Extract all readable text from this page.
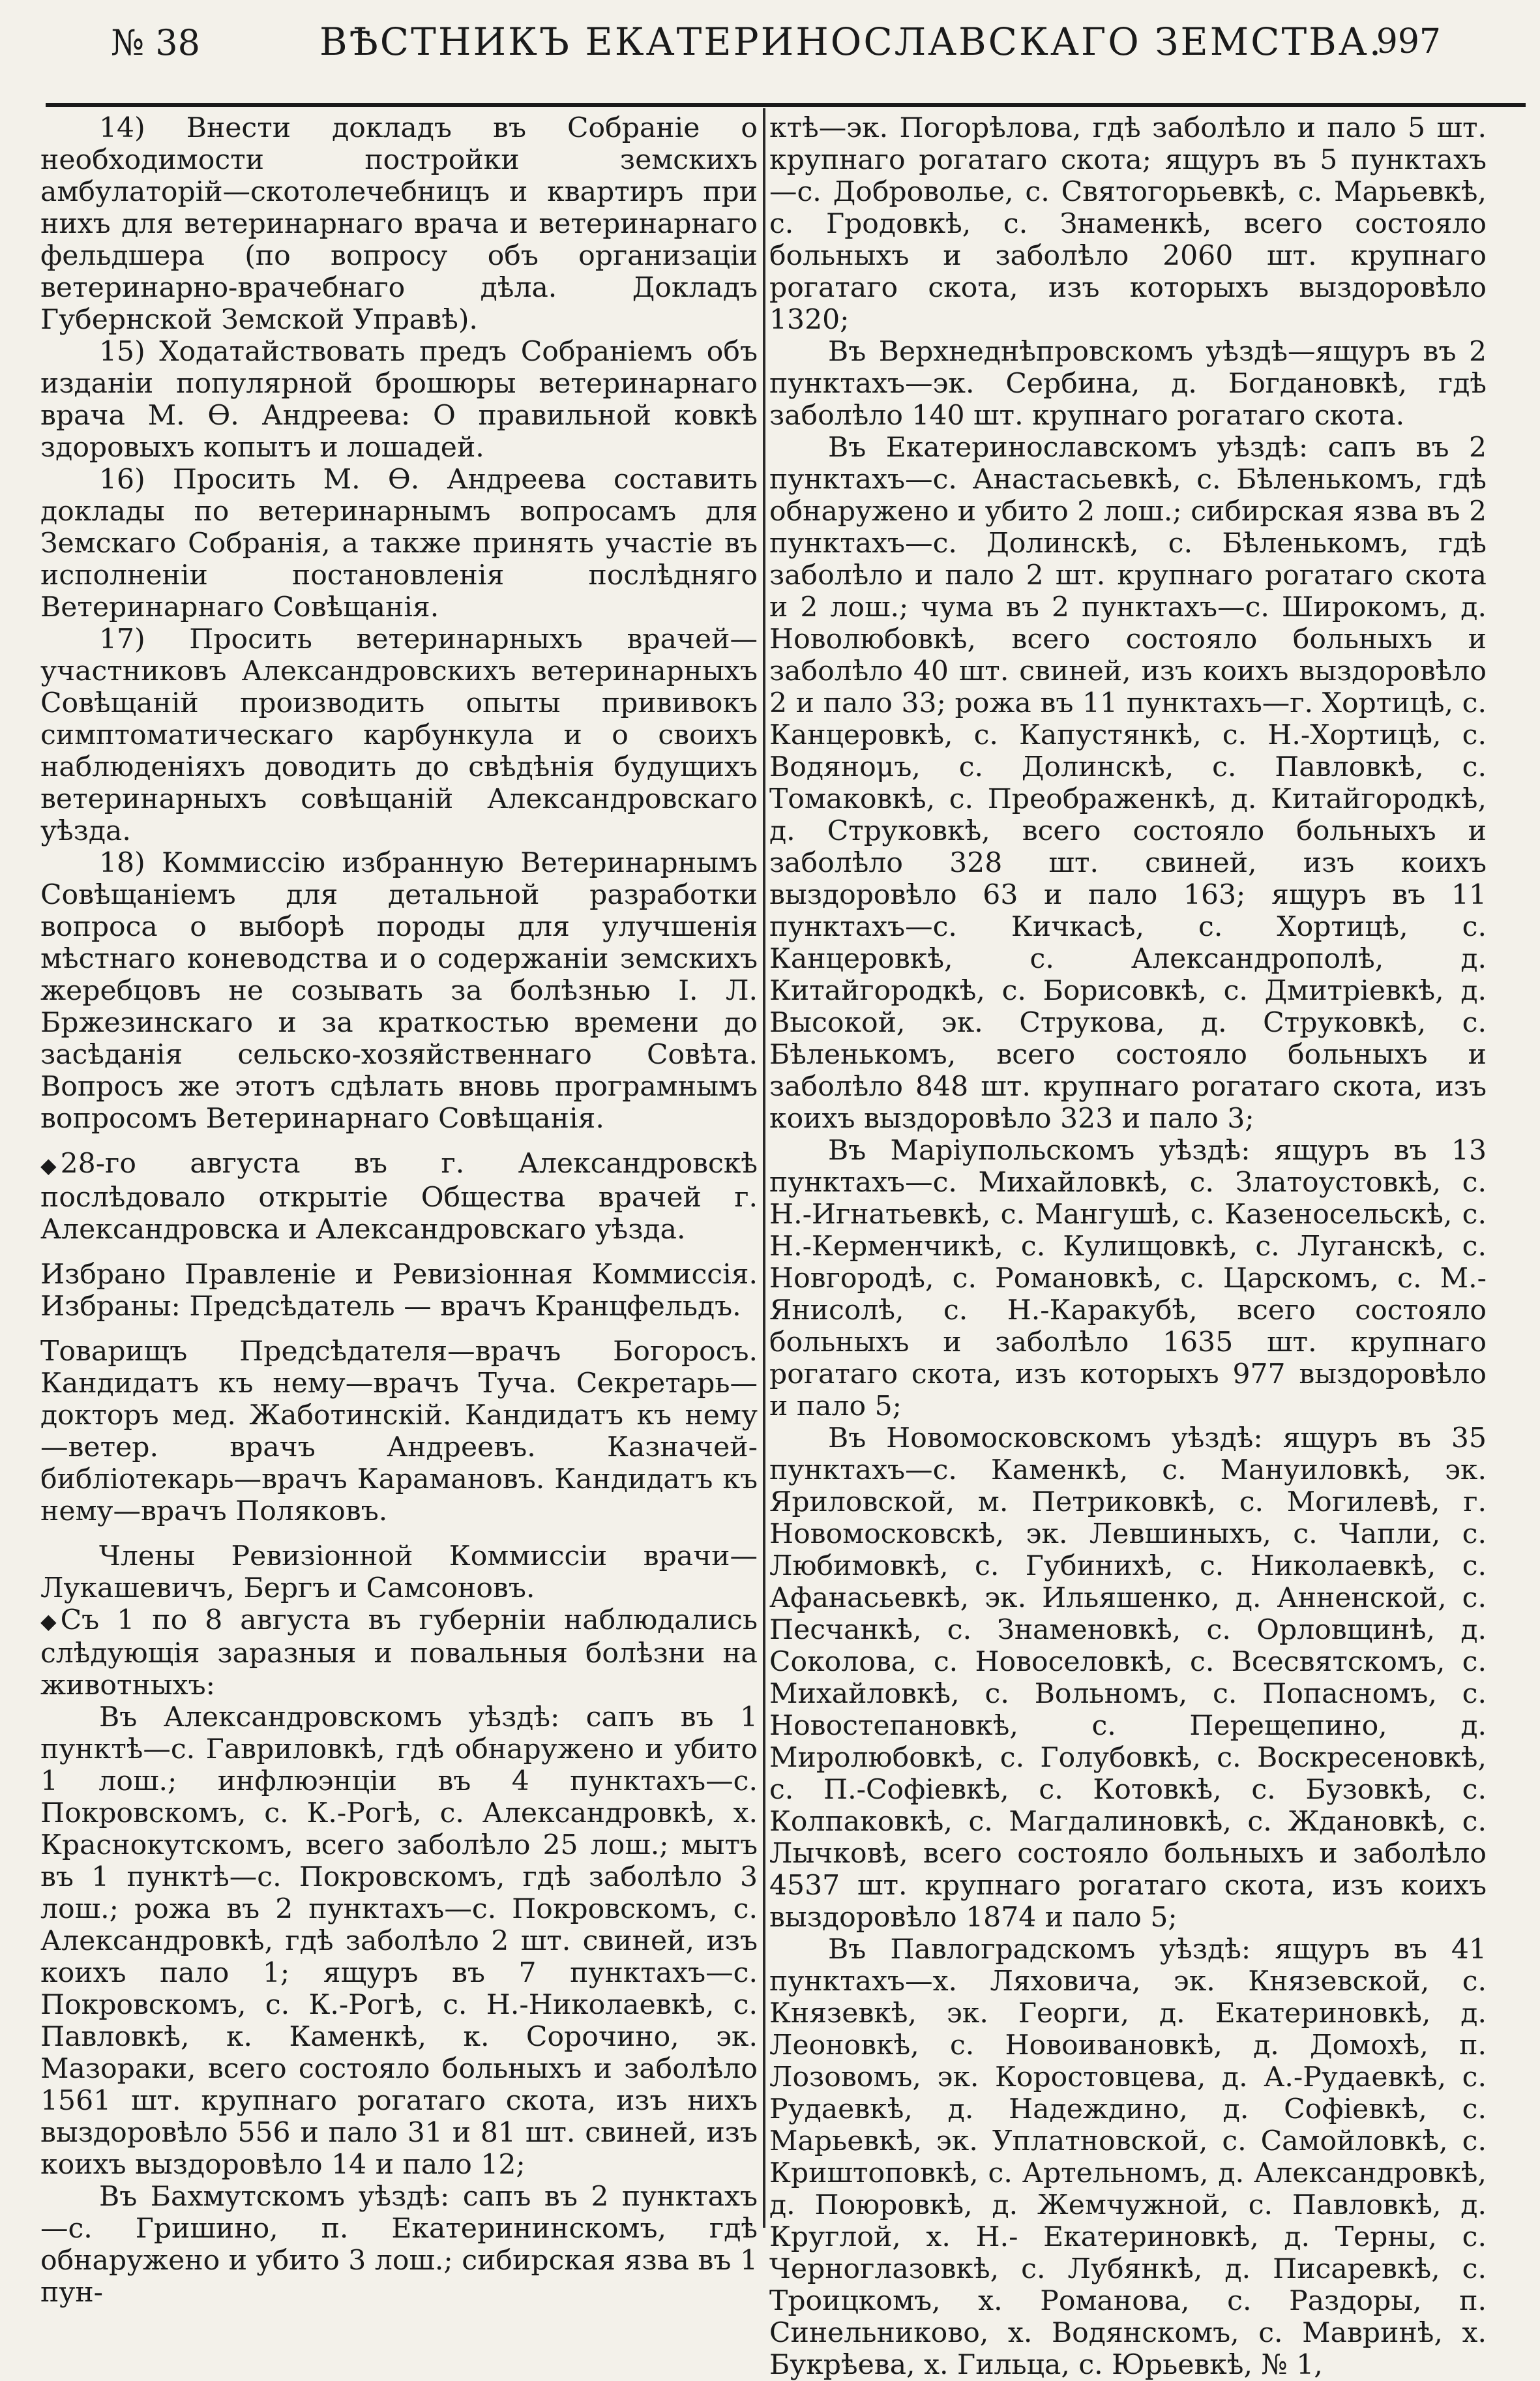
№ 38	ВѢСТНИКЪ ЕКАТЕРИНОСЛАВСКАГО ЗЕМСТВА.
997

14) Внести докладъ въ Собраніе о необходимости постройки земскихъ амбулаторій—скотолечебницъ и квартиръ при нихъ для ветеринарнаго врача и ветеринарнаго фельдшера (по вопросу объ организаціи ветеринарно-врачебнаго дѣла. Докладъ Губернской Земской Управѣ).

15) Ходатайствовать предъ Собраніемъ объ изданіи популярной брошюры ветеринарнаго врача М. Ѳ. Андреева: О правильной ковкѣ здоровыхъ копытъ и лошадей.

16) Просить М. Ѳ. Андреева составить доклады по ветеринарнымъ вопросамъ для Земскаго Собранія, а также принять участіе въ исполненіи постановленія послѣдняго Ветеринарнаго Совѣщанія.

17) Просить ветеринарныхъ врачей—участниковъ Александровскихъ ветеринарныхъ Совѣщаній производить опыты прививокъ симптоматическаго карбункула и о своихъ наблюденіяхъ доводить до свѣдѣнія будущихъ ветеринарныхъ совѣщаній Александровскаго уѣзда.

18) Коммиссію избранную Ветеринарнымъ Совѣщаніемъ для детальной разработки вопроса о выборѣ породы для улучшенія мѣстнаго коневодства и о содержаніи земскихъ жеребцовъ не созывать за болѣзнью І. Л. Бржезинскаго и за краткостью времени до засѣданія сельско-хозяйственнаго Совѣта. Вопросъ же этотъ сдѣлать вновь програмнымъ вопросомъ Ветеринарнаго Совѣщанія.

◆ 28-го августа въ г. Александровскѣ послѣдовало открытіе Общества врачей г. Александровска и Александровскаго уѣзда.

Избрано Правленіе и Ревизіонная Коммиссія. Избраны: Предсѣдатель — врачъ Кранцфельдъ.

Товарищъ Предсѣдателя—врачъ Богоросъ. Кандидатъ къ нему—врачъ Туча. Секретарь—докторъ мед. Жаботинскій. Кандидатъ къ нему—ветер. врачъ Андреевъ. Казначей-библіотекарь—врачъ Карамановъ. Кандидатъ къ нему—врачъ Поляковъ.

Члены Ревизіонной Коммиссіи врачи—Лукашевичъ, Бергъ и Самсоновъ.

◆ Съ 1 по 8 августа въ губерніи наблюдались слѣдующія заразныя и повальныя болѣзни на животныхъ:

Въ Александровскомъ уѣздѣ: сапъ въ 1 пунктѣ—с. Гавриловкѣ, гдѣ обнаружено и убито 1 лош.; инфлюэнціи въ 4 пунктахъ—с. Покровскомъ, с. К.-Рогѣ, с. Александровкѣ, х. Краснокутскомъ, всего заболѣло 25 лош.; мытъ въ 1 пунктѣ—с. Покровскомъ, гдѣ заболѣло 3 лош.; рожа въ 2 пунктахъ—с. Покровскомъ, с. Александровкѣ, гдѣ заболѣло 2 шт. свиней, изъ коихъ пало 1; ящуръ въ 7 пунктахъ—с. Покровскомъ, с. К.-Рогѣ, с. Н.-Николаевкѣ, с. Павловкѣ, к. Каменкѣ, к. Сорочино, эк. Мазораки, всего состояло больныхъ и заболѣло 1561 шт. крупнаго рогатаго скота, изъ нихъ выздоровѣло 556 и пало 31 и 81 шт. свиней, изъ коихъ выздоровѣло 14 и пало 12;

Въ Бахмутскомъ уѣздѣ: сапъ въ 2 пунктахъ—с. Гришино, п. Екатерининскомъ, гдѣ обнаружено и убито 3 лош.; сибирская язва въ 1 пун-

ктѣ—эк. Погорѣлова, гдѣ заболѣло и пало 5 шт. крупнаго рогатаго скота; ящуръ въ 5 пунктахъ—с. Доброволье, с. Святогорьевкѣ, с. Марьевкѣ, с. Гродовкѣ, с. Знаменкѣ, всего состояло больныхъ и заболѣло 2060 шт. крупнаго рогатаго скота, изъ которыхъ выздоровѣло 1320;

Въ Верхнеднѣпровскомъ уѣздѣ—ящуръ въ 2 пунктахъ—эк. Сербина, д. Богдановкѣ, гдѣ заболѣло 140 шт. крупнаго рогатаго скота.

Въ Екатеринославскомъ уѣздѣ: сапъ въ 2 пунктахъ—с. Анастасьевкѣ, с. Бѣленькомъ, гдѣ обнаружено и убито 2 лош.; сибирская язва въ 2 пунктахъ—с. Долинскѣ, с. Бѣленькомъ, гдѣ заболѣло и пало 2 шт. крупнаго рогатаго скота и 2 лош.; чума въ 2 пунктахъ—с. Широкомъ, д. Новолюбовкѣ, всего состояло больныхъ и заболѣло 40 шт. свиней, изъ коихъ выздоровѣло 2 и пало 33; рожа въ 11 пунктахъ—г. Хортицѣ, с. Канцеровкѣ, с. Капустянкѣ, с. Н.-Хортицѣ, с. Водянομъ, с. Долинскѣ, с. Павловкѣ, с. Томаковкѣ, с. Преображенкѣ, д. Китайгородкѣ, д. Струковкѣ, всего состояло больныхъ и заболѣло 328 шт. свиней, изъ коихъ выздоровѣло 63 и пало 163; ящуръ въ 11 пунктахъ—с. Кичкасѣ, с. Хортицѣ, с. Канцеровкѣ, с. Александрополѣ, д. Китайгородкѣ, с. Борисовкѣ, с. Дмитріевкѣ, д. Высокой, эк. Струкова, д. Струковкѣ, с. Бѣленькомъ, всего состояло больныхъ и заболѣло 848 шт. крупнаго рогатаго скота, изъ коихъ выздоровѣло 323 и пало 3;

Въ Маріупольскомъ уѣздѣ: ящуръ въ 13 пунктахъ—с. Михайловкѣ, с. Златоустовкѣ, с. Н.-Игнатьевкѣ, с. Мангушѣ, с. Казеносельскѣ, с. Н.-Керменчикѣ, с. Кулищовкѣ, с. Луганскѣ, с. Новгородѣ, с. Романовкѣ, с. Царскомъ, с. М.-Янисолѣ, с. Н.-Каракубѣ, всего состояло больныхъ и заболѣло 1635 шт. крупнаго рогатаго скота, изъ которыхъ 977 выздоровѣло и пало 5;

Въ Новомосковскомъ уѣздѣ: ящуръ въ 35 пунктахъ—с. Каменкѣ, с. Мануиловкѣ, эк. Яриловской, м. Петриковкѣ, с. Могилевѣ, г. Новомосковскѣ, эк. Левшиныхъ, с. Чапли, с. Любимовкѣ, с. Губинихѣ, с. Николаевкѣ, с. Афанасьевкѣ, эк. Ильяшенко, д. Анненской, с. Песчанкѣ, с. Знаменовкѣ, с. Орловщинѣ, д. Соколова, с. Новоселовкѣ, с. Всесвятскомъ, с. Михайловкѣ, с. Вольномъ, с. Попасномъ, с. Новостепановкѣ, с. Перещепино, д. Миролюбовкѣ, с. Голубовкѣ, с. Воскресеновкѣ, с. П.-Софіевкѣ, с. Котовкѣ, с. Бузовкѣ, с. Колпаковкѣ, с. Магдалиновкѣ, с. Ждановкѣ, с. Лычковѣ, всего состояло больныхъ и заболѣло 4537 шт. крупнаго рогатаго скота, изъ коихъ выздоровѣло 1874 и пало 5;

Въ Павлоградскомъ уѣздѣ: ящуръ въ 41 пунктахъ—х. Ляховича, эк. Князевской, с. Князевкѣ, эк. Георги, д. Екатериновкѣ, д. Леоновкѣ, с. Новоивановкѣ, д. Домохѣ, п. Лозовомъ, эк. Коростовцева, д. А.-Рудаевкѣ, с. Рудаевкѣ, д. Надеждино, д. Софіевкѣ, с. Марьевкѣ, эк. Уплатновской, с. Самойловкѣ, с. Криштоповкѣ, с. Артельномъ, д. Александровкѣ, д. Поюровкѣ, д. Жемчужной, с. Павловкѣ, д. Круглой, х. Н.- Екатериновкѣ, д. Терны, с. Черноглазовкѣ, с. Лубянкѣ, д. Писаревкѣ, с. Троицкомъ, х. Романова, с. Раздоры, п. Синельниково, х. Водянскомъ, с. Мавринѣ, х. Букрѣева, х. Гильца, с. Юрьевкѣ, № 1,
